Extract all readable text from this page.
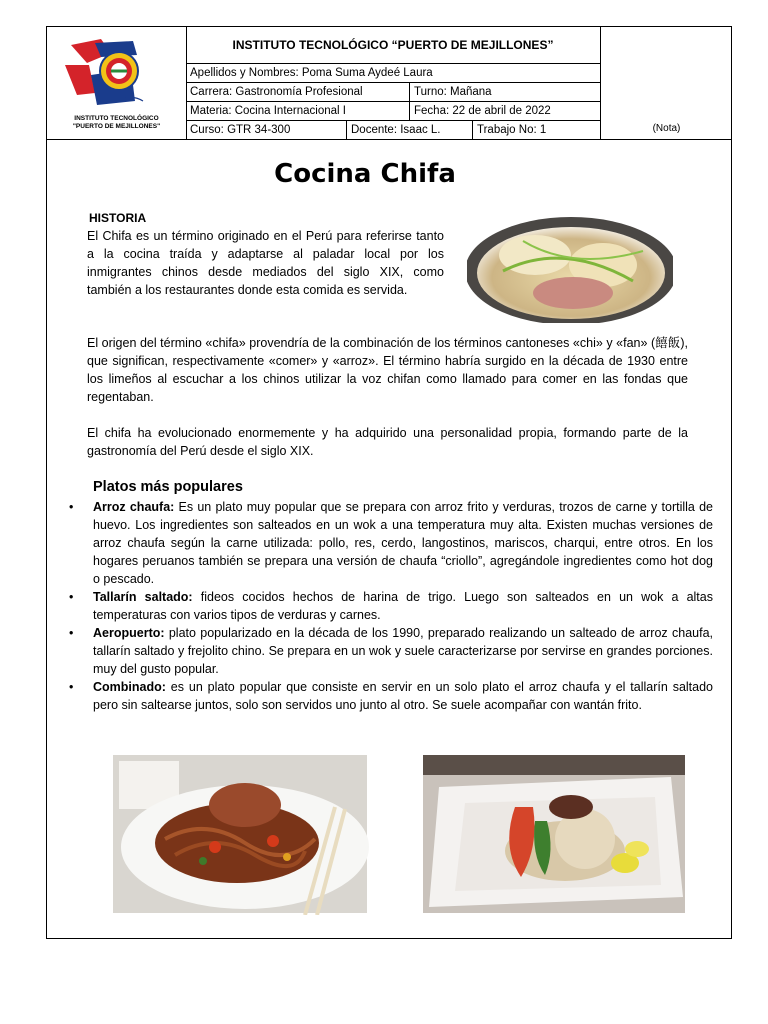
INSTITUTO TECNOLÓGICO
"PUERTO DE MEJILLONES"
INSTITUTO TECNOLÓGICO “PUERTO DE MEJILLONES”
Apellidos y Nombres: Poma Suma Aydeé Laura
Carrera: Gastronomía Profesional	Turno: Mañana
Materia: Cocina Internacional I	Fecha: 22 de abril de 2022
Curso: GTR 34-300	Docente: Isaac L.	Trabajo No: 1	(Nota)
Cocina Chifa
HISTORIA
El Chifa es un término originado en el Perú para referirse tanto a la cocina traída y adaptarse al paladar local por los inmigrantes chinos desde mediados del siglo XIX, como también a los restaurantes donde esta comida es servida.
El origen del término «chifa» provendría de la combinación de los términos cantoneses «chi» y «fan» (饎飯), que significan, respectivamente «comer» y «arroz». El término habría surgido en la década de 1930 entre los limeños al escuchar a los chinos utilizar la voz chifan como llamado para comer en las fondas que regentaban.
El chifa ha evolucionado enormemente y ha adquirido una personalidad propia, formando parte de la gastronomía del Perú desde el siglo XIX.
Platos más populares
• Arroz chaufa: Es un plato muy popular que se prepara con arroz frito y verduras, trozos de carne y tortilla de huevo. Los ingredientes son salteados en un wok a una temperatura muy alta. Existen muchas versiones de arroz chaufa según la carne utilizada: pollo, res, cerdo, langostinos, mariscos, charqui, entre otros. En los hogares peruanos también se prepara una versión de chaufa “criollo”, agregándole ingredientes como hot dog o pescado.
• Tallarín saltado: fideos cocidos hechos de harina de trigo. Luego son salteados en un wok a altas temperaturas con varios tipos de verduras y carnes.
• Aeropuerto: plato popularizado en la década de los 1990, preparado realizando un salteado de arroz chaufa, tallarín saltado y frejolito chino. Se prepara en un wok y suele caracterizarse por servirse en grandes porciones. muy del gusto popular.
• Combinado: es un plato popular que consiste en servir en un solo plato el arroz chaufa y el tallarín saltado pero sin saltearse juntos, solo son servidos uno junto al otro. Se suele acompañar con wantán frito.
